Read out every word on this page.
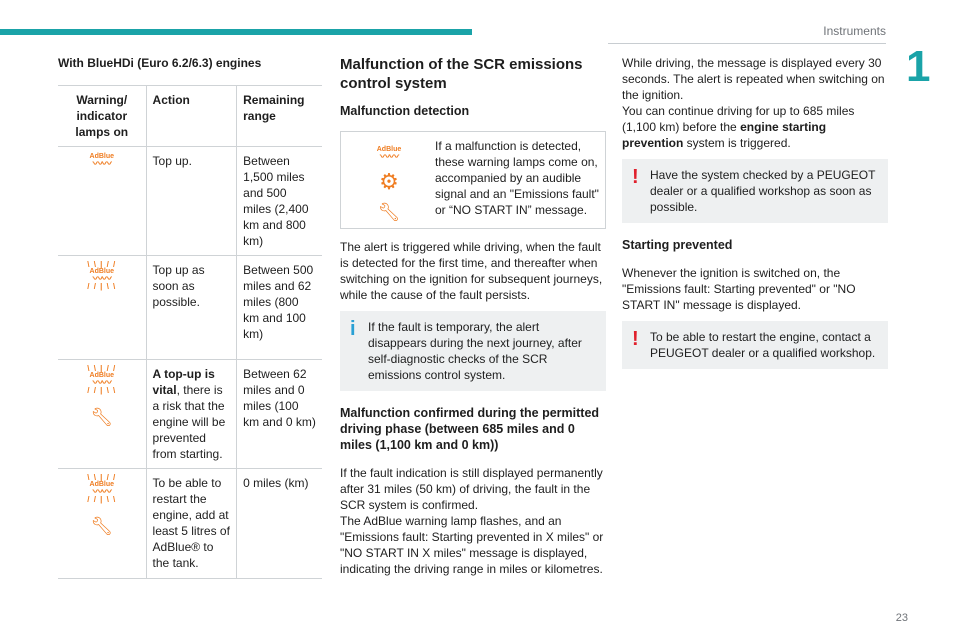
Instruments
1
23
With BlueHDi (Euro 6.2/6.3) engines
Warning/ indicator lamps on	Action	Remaining range
AdBlue
〰〰	Top up.	Between 1,500 miles and 500 miles (2,400 km and 800 km)

\ \ | / /
AdBlue
〰〰
/ / | \ \	Top up as soon as possible.	Between 500 miles and 62 miles (800 km and 100 km)

\ \ | / /
AdBlue
〰〰
/ / | \ \
🔧︎	A top-up is vital, there is a risk that the engine will be prevented from starting.	Between 62 miles and 0 miles (100 km and 0 km)

\ \ | / /
AdBlue
〰〰
/ / | \ \
🔧︎	To be able to restart the engine, add at least 5 litres of AdBlue® to the tank.	0 miles (km)
Malfunction of the SCR emissions control system
Malfunction detection
AdBlue
〰〰
⚙︎
🔧︎
If a malfunction is detected, these warning lamps come on, accompanied by an audible signal and an "Emissions fault" or “NO START IN” message.

The alert is triggered while driving, when the fault is detected for the first time, and thereafter when switching on the ignition for subsequent journeys, while the cause of the fault persists.

i	If the fault is temporary, the alert disappears during the next journey, after self-diagnostic checks of the SCR emissions control system.
Malfunction confirmed during the permitted driving phase (between 685 miles and 0 miles (1,100 km and 0 km))

If the fault indication is still displayed permanently after 31 miles (50 km) of driving, the fault in the SCR system is confirmed.

The AdBlue warning lamp flashes, and an "Emissions fault: Starting prevented in X miles" or "NO START IN X miles" message is displayed, indicating the driving range in miles or kilometres.

While driving, the message is displayed every 30 seconds. The alert is repeated when switching on the ignition.

You can continue driving for up to 685 miles (1,100 km) before the engine starting prevention system is triggered.

! Have the system checked by a PEUGEOT dealer or a qualified workshop as soon as possible.
Starting prevented

Whenever the ignition is switched on, the "Emissions fault: Starting prevented" or "NO START IN" message is displayed.

! To be able to restart the engine, contact a PEUGEOT dealer or a qualified workshop.
